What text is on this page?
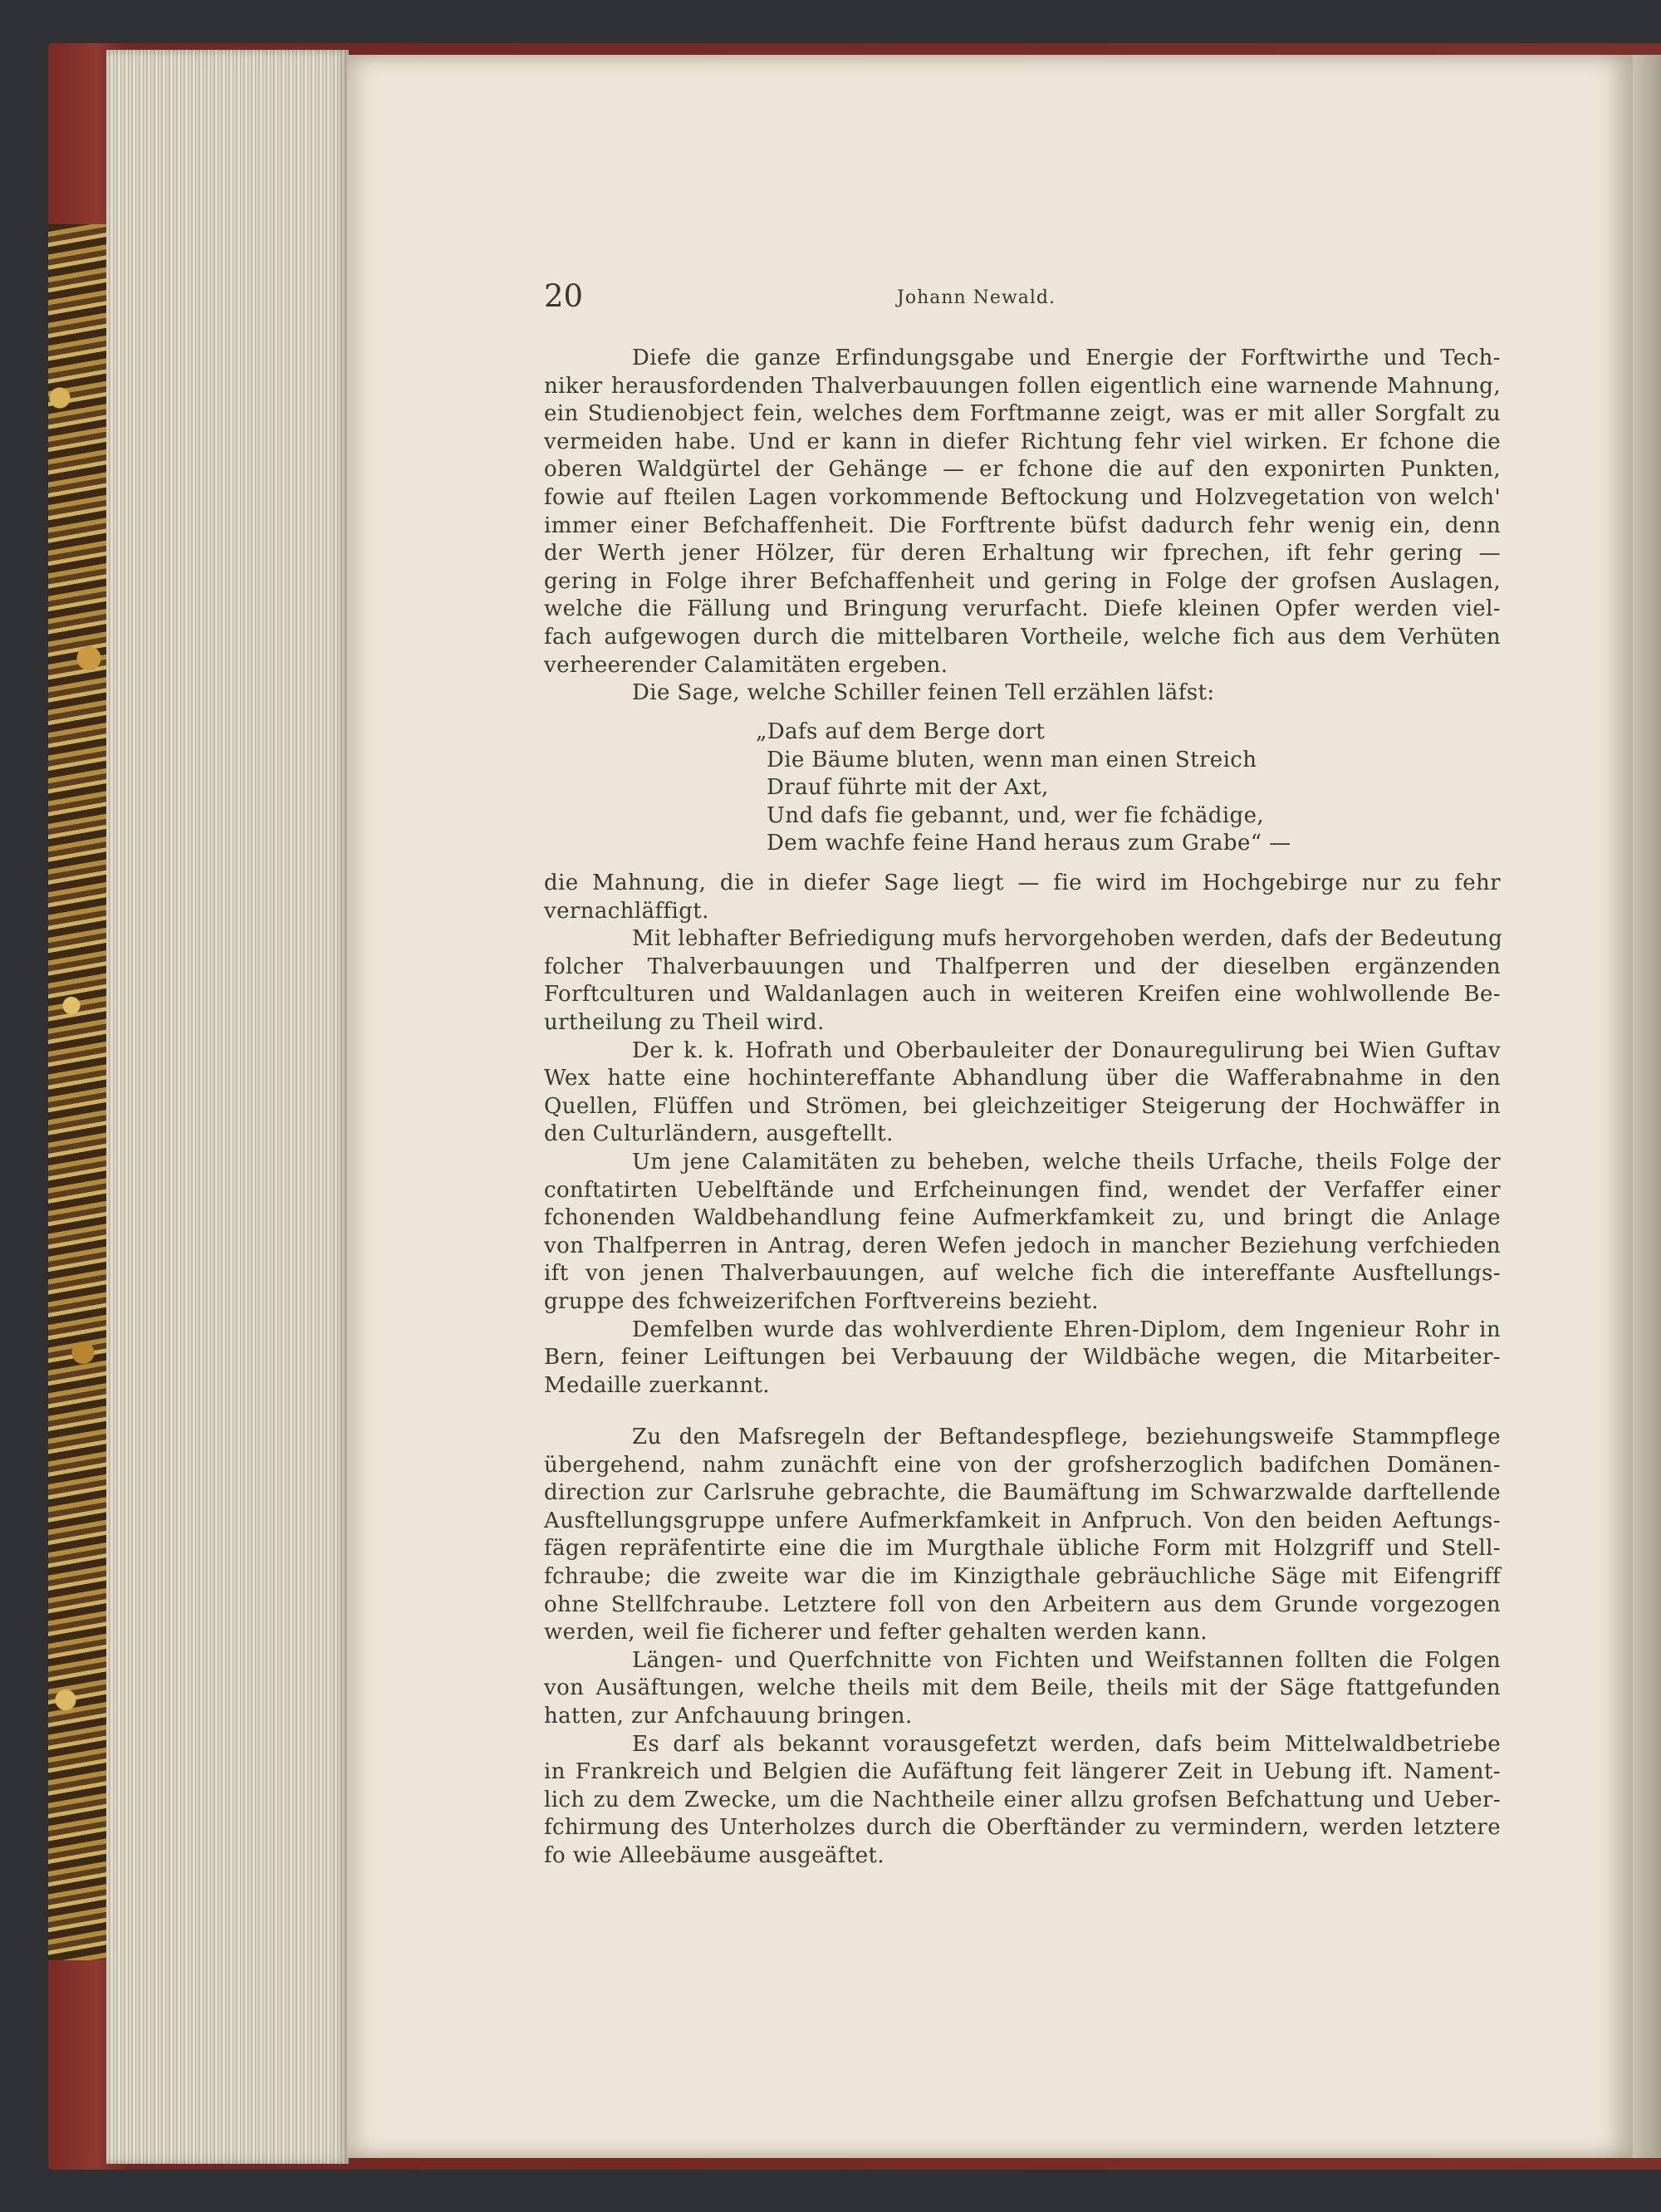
20	Johann Newald.
Diefe die ganze Erfindungsgabe und Energie der Forftwirthe und Tech-
niker herausfordenden Thalverbauungen follen eigentlich eine warnende Mahnung,
ein Studienobject fein, welches dem Forftmanne zeigt, was er mit aller Sorgfalt zu
vermeiden habe. Und er kann in diefer Richtung fehr viel wirken. Er fchone die
oberen Waldgürtel der Gehänge — er fchone die auf den exponirten Punkten,
fowie auf fteilen Lagen vorkommende Beftockung und Holzvegetation von welch'
immer einer Befchaffenheit. Die Forftrente büfst dadurch fehr wenig ein, denn
der Werth jener Hölzer, für deren Erhaltung wir fprechen, ift fehr gering —
gering in Folge ihrer Befchaffenheit und gering in Folge der grofsen Auslagen,
welche die Fällung und Bringung verurfacht. Diefe kleinen Opfer werden viel-
fach aufgewogen durch die mittelbaren Vortheile, welche fich aus dem Verhüten
verheerender Calamitäten ergeben.
Die Sage, welche Schiller feinen Tell erzählen läfst:
„Dafs auf dem Berge dort
Die Bäume bluten, wenn man einen Streich
Drauf führte mit der Axt,
Und dafs fie gebannt, und, wer fie fchädige,
Dem wachfe feine Hand heraus zum Grabe“ —
die Mahnung, die in diefer Sage liegt — fie wird im Hochgebirge nur zu fehr
vernachläffigt.
Mit lebhafter Befriedigung mufs hervorgehoben werden, dafs der Bedeutung
folcher Thalverbauungen und Thalfperren und der dieselben ergänzenden
Forftculturen und Waldanlagen auch in weiteren Kreifen eine wohlwollende Be-
urtheilung zu Theil wird.
Der k. k. Hofrath und Oberbauleiter der Donauregulirung bei Wien Guftav
Wex hatte eine hochintereffante Abhandlung über die Wafferabnahme in den
Quellen, Flüffen und Strömen, bei gleichzeitiger Steigerung der Hochwäffer in
den Culturländern, ausgeftellt.
Um jene Calamitäten zu beheben, welche theils Urfache, theils Folge der
conftatirten Uebelftände und Erfcheinungen find, wendet der Verfaffer einer
fchonenden Waldbehandlung feine Aufmerkfamkeit zu, und bringt die Anlage
von Thalfperren in Antrag, deren Wefen jedoch in mancher Beziehung verfchieden
ift von jenen Thalverbauungen, auf welche fich die intereffante Ausftellungs-
gruppe des fchweizerifchen Forftvereins bezieht.
Demfelben wurde das wohlverdiente Ehren-Diplom, dem Ingenieur Rohr in
Bern, feiner Leiftungen bei Verbauung der Wildbäche wegen, die Mitarbeiter-
Medaille zuerkannt.
Zu den Mafsregeln der Beftandespflege, beziehungsweife Stammpflege
übergehend, nahm zunächft eine von der grofsherzoglich badifchen Domänen-
direction zur Carlsruhe gebrachte, die Baumäftung im Schwarzwalde darftellende
Ausftellungsgruppe unfere Aufmerkfamkeit in Anfpruch. Von den beiden Aeftungs-
fägen repräfentirte eine die im Murgthale übliche Form mit Holzgriff und Stell-
fchraube; die zweite war die im Kinzigthale gebräuchliche Säge mit Eifengriff
ohne Stellfchraube. Letztere foll von den Arbeitern aus dem Grunde vorgezogen
werden, weil fie ficherer und fefter gehalten werden kann.
Längen- und Querfchnitte von Fichten und Weifstannen follten die Folgen
von Ausäftungen, welche theils mit dem Beile, theils mit der Säge ftattgefunden
hatten, zur Anfchauung bringen.
Es darf als bekannt vorausgefetzt werden, dafs beim Mittelwaldbetriebe
in Frankreich und Belgien die Aufäftung feit längerer Zeit in Uebung ift. Nament-
lich zu dem Zwecke, um die Nachtheile einer allzu grofsen Befchattung und Ueber-
fchirmung des Unterholzes durch die Oberftänder zu vermindern, werden letztere
fo wie Alleebäume ausgeäftet.
